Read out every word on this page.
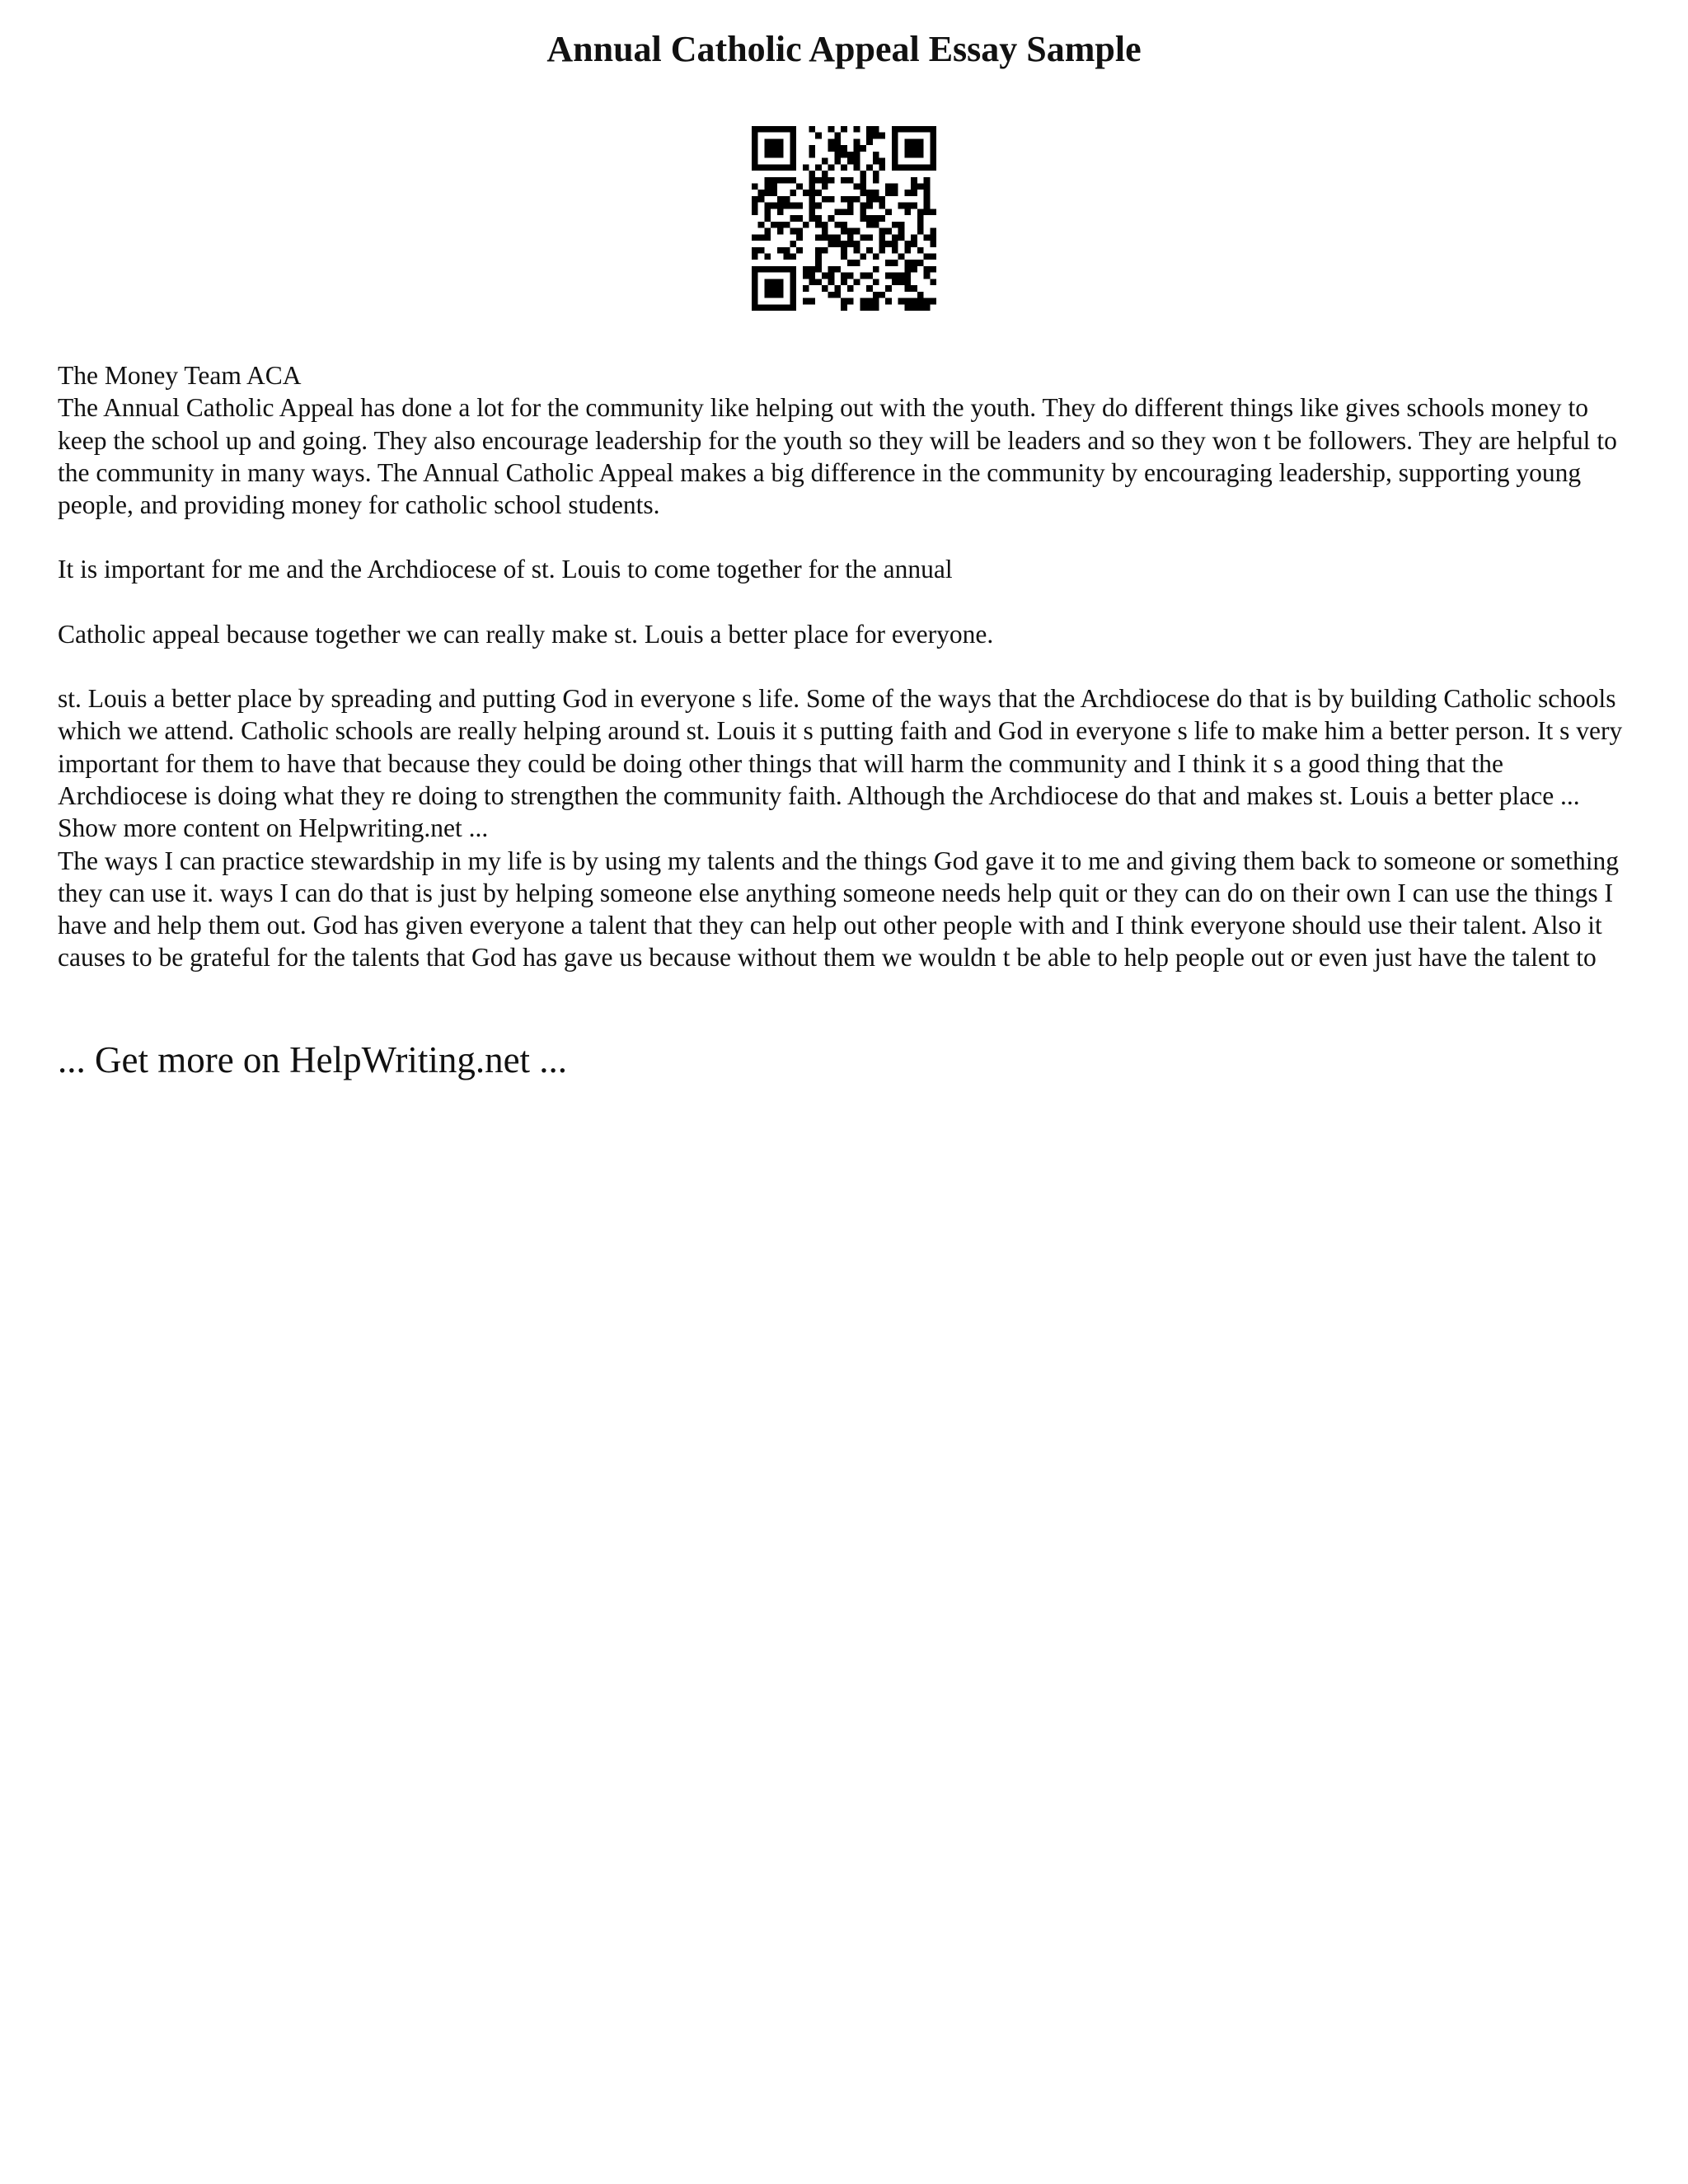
Annual Catholic Appeal Essay Sample

The Money Team ACA

The Annual Catholic Appeal has done a lot for the community like helping out with the youth. They do different things like gives schools money to keep the school up and going. They also encourage leadership for the youth so they will be leaders and so they won t be followers. They are helpful to the community in many ways. The Annual Catholic Appeal makes a big difference in the community by encouraging leadership, supporting young people, and providing money for catholic school students.

It is important for me and the Archdiocese of st. Louis to come together for the annual

Catholic appeal because together we can really make st. Louis a better place for everyone.

st. Louis a better place by spreading and putting God in everyone s life. Some of the ways that the Archdiocese do that is by building Catholic schools which we attend. Catholic schools are really helping around st. Louis it s putting faith and God in everyone s life to make him a better person. It s very important for them to have that because they could be doing other things that will harm the community and I think it s a good thing that the Archdiocese is doing what they re doing to strengthen the community faith. Although the Archdiocese do that and makes st. Louis a better place ... Show more content on Helpwriting.net ...

The ways I can practice stewardship in my life is by using my talents and the things God gave it to me and giving them back to someone or something they can use it. ways I can do that is just by helping someone else anything someone needs help quit or they can do on their own I can use the things I have and help them out. God has given everyone a talent that they can help out other people with and I think everyone should use their talent. Also it causes to be grateful for the talents that God has gave us because without them we wouldn t be able to help people out or even just have the talent to

... Get more on HelpWriting.net ...
